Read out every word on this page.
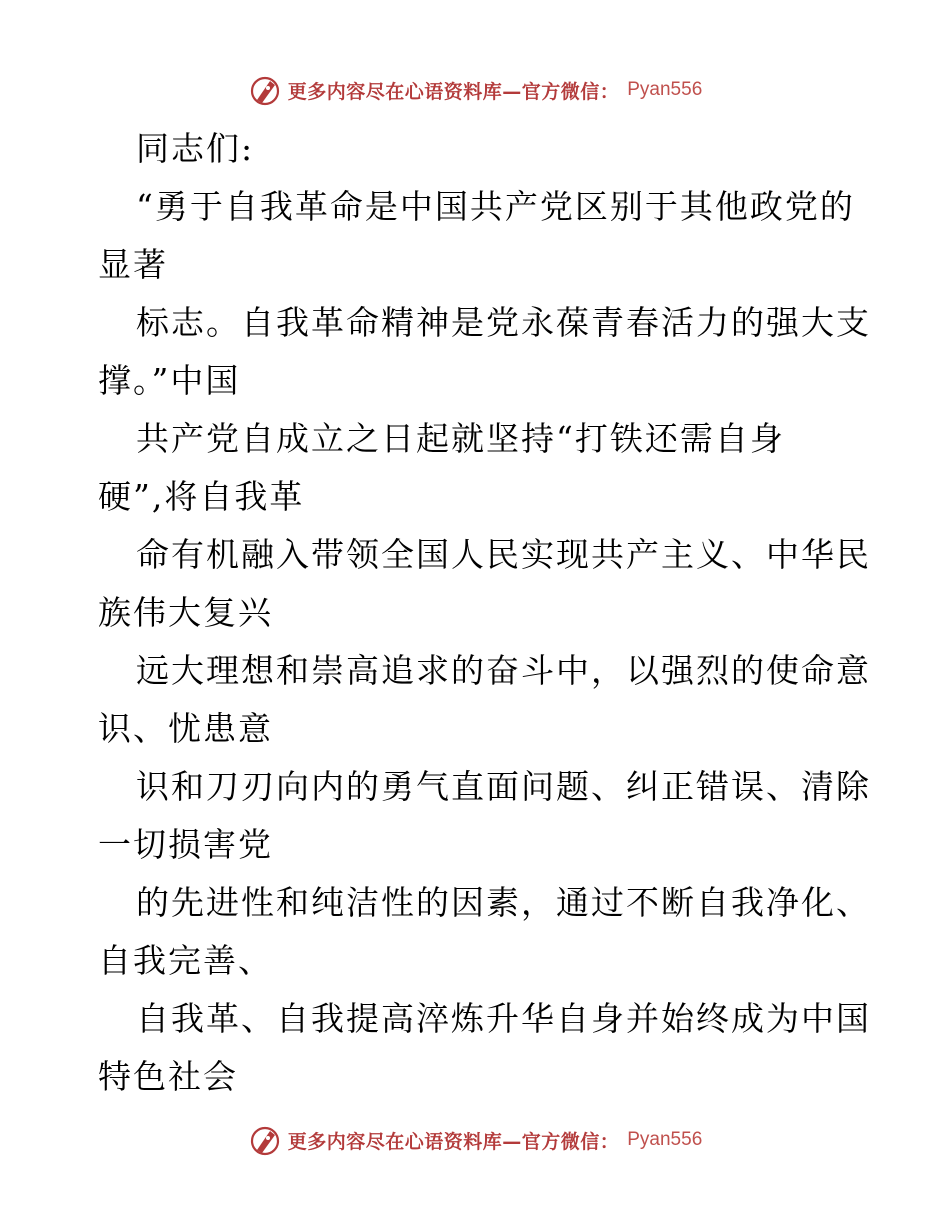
更多内容尽在心语资料库—官方微信： Pyan556
同志们:
“勇于自我革命是中国共产党区别于其他政党的
显著
标志。自我革命精神是党永葆青春活力的强大支
撑。”中国
共产党自成立之日起就坚持“打铁还需自身
硬”,将自我革
命有机融入带领全国人民实现共产主义、中华民
族伟大复兴
远大理想和崇高追求的奋斗中，以强烈的使命意
识、忧患意
识和刀刃向内的勇气直面问题、纠正错误、清除
一切损害党
的先进性和纯洁性的因素，通过不断自我净化、
自我完善、
自我革、自我提高淬炼升华自身并始终成为中国
特色社会
更多内容尽在心语资料库—官方微信： Pyan556
